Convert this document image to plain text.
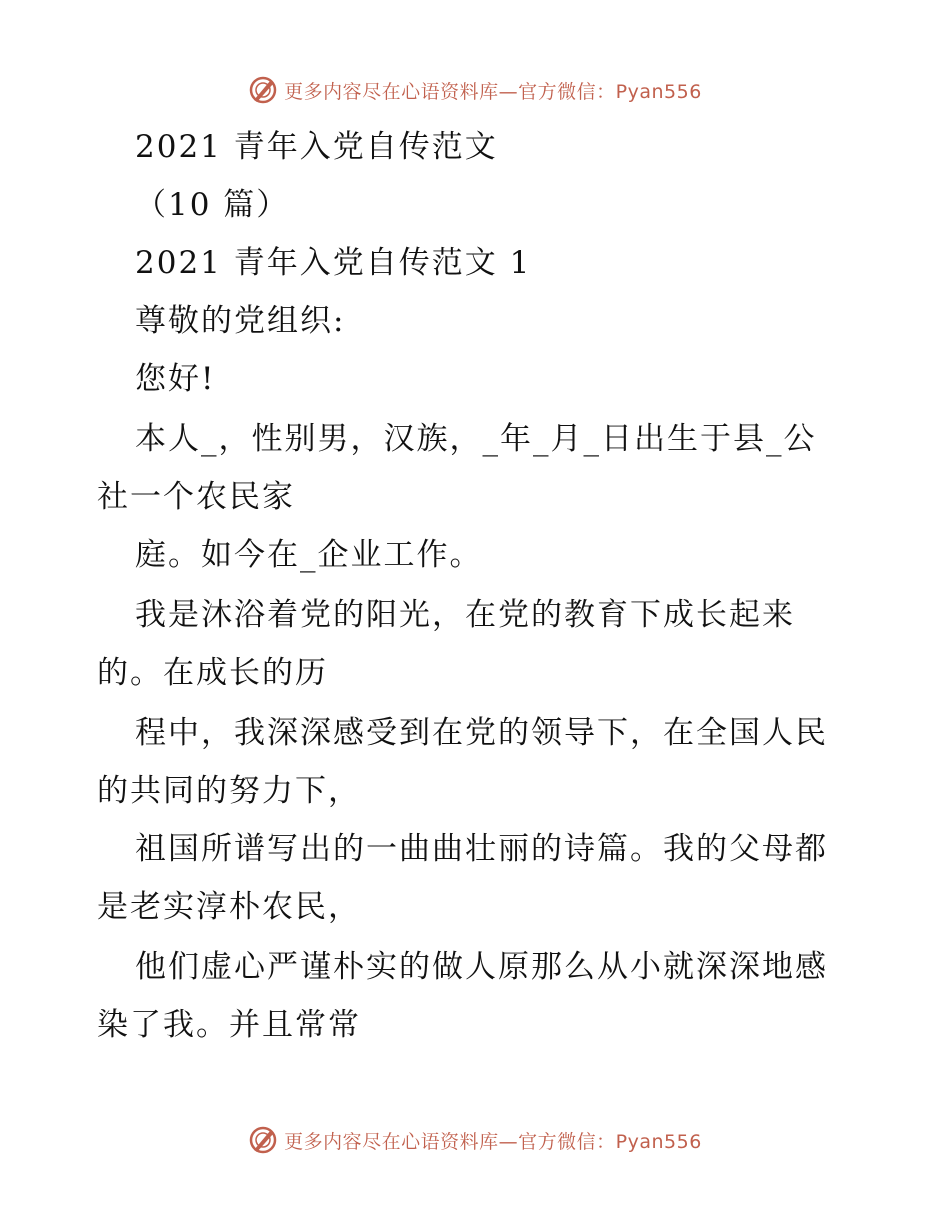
更多内容尽在心语资料库—官方微信：Pyan556
2021 青年入党自传范文
（10 篇）
2021 青年入党自传范文 1
尊敬的党组织:
您好!
本人_，性别男，汉族，_年_月_日出生于县_公
社一个农民家
庭。如今在_企业工作。
我是沐浴着党的阳光，在党的教育下成长起来
的。在成长的历
程中，我深深感受到在党的领导下，在全国人民
的共同的努力下，
祖国所谱写出的一曲曲壮丽的诗篇。我的父母都
是老实淳朴农民，
他们虚心严谨朴实的做人原那么从小就深深地感
染了我。并且常常
更多内容尽在心语资料库—官方微信：Pyan556
